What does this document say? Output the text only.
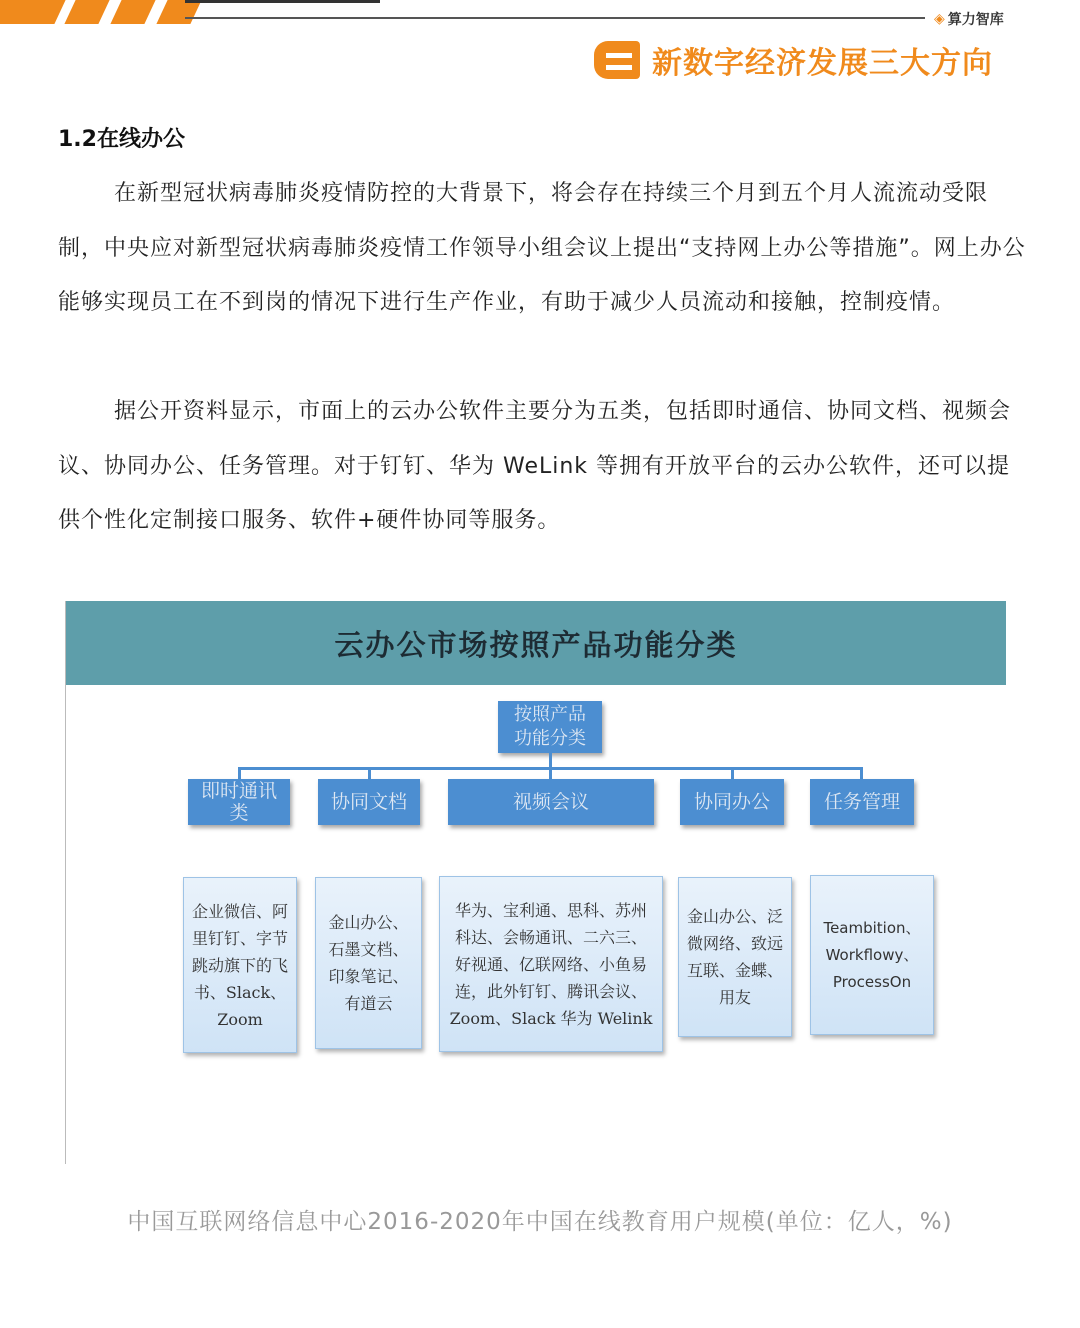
◈ 算力智库
新数字经济发展三大方向
1.2在线办公

在新型冠状病毒肺炎疫情防控的大背景下，将会存在持续三个月到五个月人流流动受限制，中央应对新型冠状病毒肺炎疫情工作领导小组会议上提出“支持网上办公等措施”。网上办公能够实现员工在不到岗的情况下进行生产作业，有助于减少人员流动和接触，控制疫情。

据公开资料显示，市面上的云办公软件主要分为五类，包括即时通信、协同文档、视频会议、协同办公、任务管理。对于钉钉、华为 WeLink 等拥有开放平台的云办公软件，还可以提供个性化定制接口服务、软件+硬件协同等服务。

云办公市场按照产品功能分类
按照产品功能分类
即时通讯类	协同文档	视频会议	协同办公	任务管理
企业微信、阿里钉钉、字节跳动旗下的飞书、Slack、Zoom
金山办公、石墨文档、印象笔记、有道云
华为、宝利通、思科、苏州科达、会畅通讯、二六三、好视通、亿联网络、小鱼易连，此外钉钉、腾讯会议、Zoom、Slack 华为 Welink
金山办公、泛微网络、致远互联、金蝶、用友
Teambition、Workflowy、ProcessOn
中国互联网络信息中心2016-2020年中国在线教育用户规模(单位：亿人，%)
